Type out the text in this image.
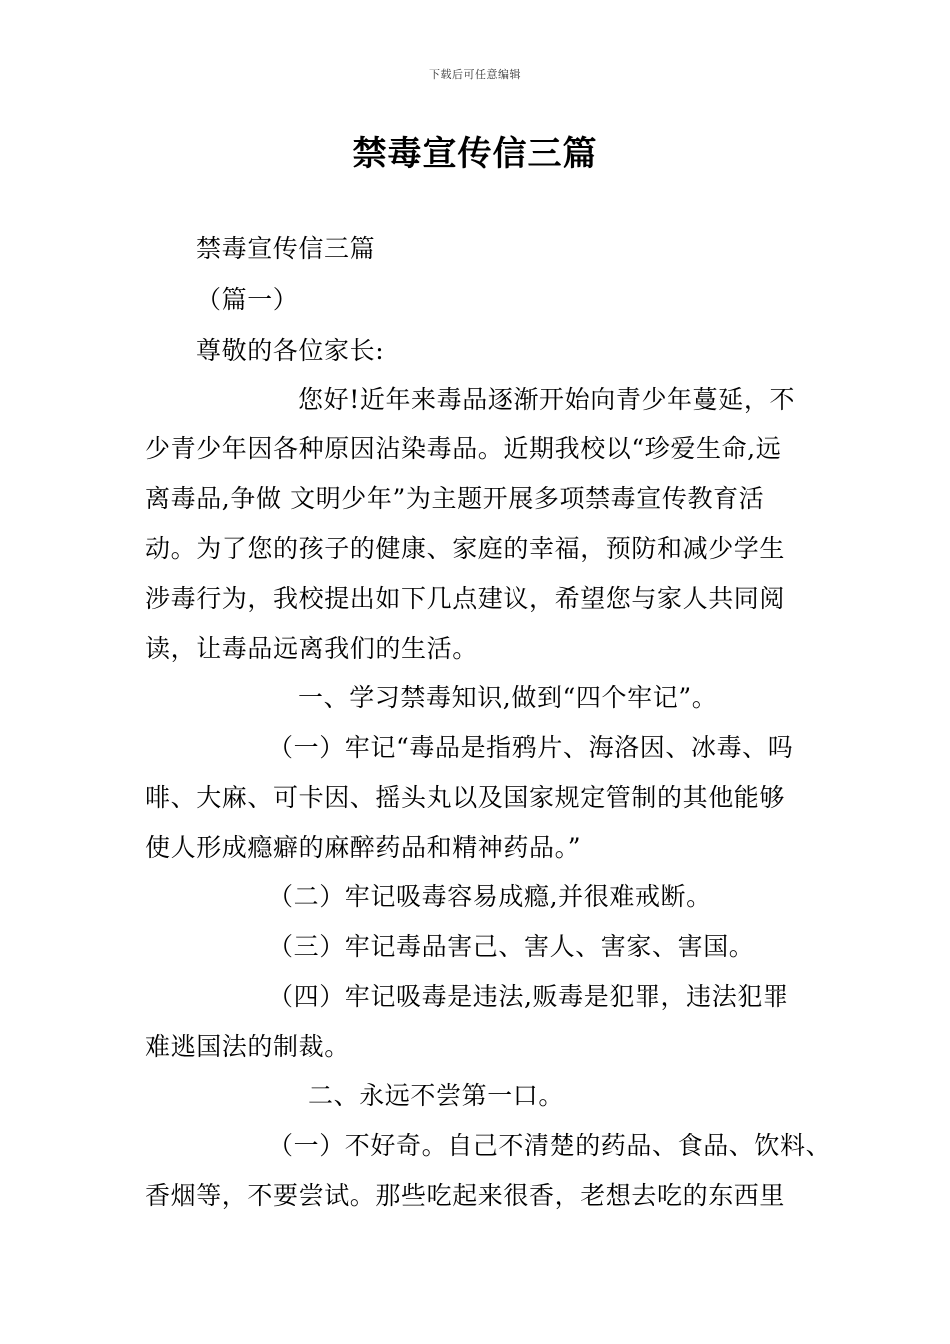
下载后可任意编辑
禁毒宣传信三篇
禁毒宣传信三篇
（篇一）
尊敬的各位家长:
您好!近年来毒品逐渐开始向青少年蔓延，不
少青少年因各种原因沾染毒品。近期我校以“珍爱生命,远
离毒品,争做 文明少年”为主题开展多项禁毒宣传教育活
动。为了您的孩子的健康、家庭的幸福，预防和减少学生
涉毒行为，我校提出如下几点建议，希望您与家人共同阅
读，让毒品远离我们的生活。
一、学习禁毒知识,做到“四个牢记”。
（一）牢记“毒品是指鸦片、海洛因、冰毒、吗
啡、大麻、可卡因、摇头丸以及国家规定管制的其他能够
使人形成瘾癖的麻醉药品和精神药品。”
（二）牢记吸毒容易成瘾,并很难戒断。
（三）牢记毒品害己、害人、害家、害国。
（四）牢记吸毒是违法,贩毒是犯罪，违法犯罪
难逃国法的制裁。
二、永远不尝第一口。
（一）不好奇。自己不清楚的药品、食品、饮料、
香烟等，不要尝试。那些吃起来很香，老想去吃的东西里
